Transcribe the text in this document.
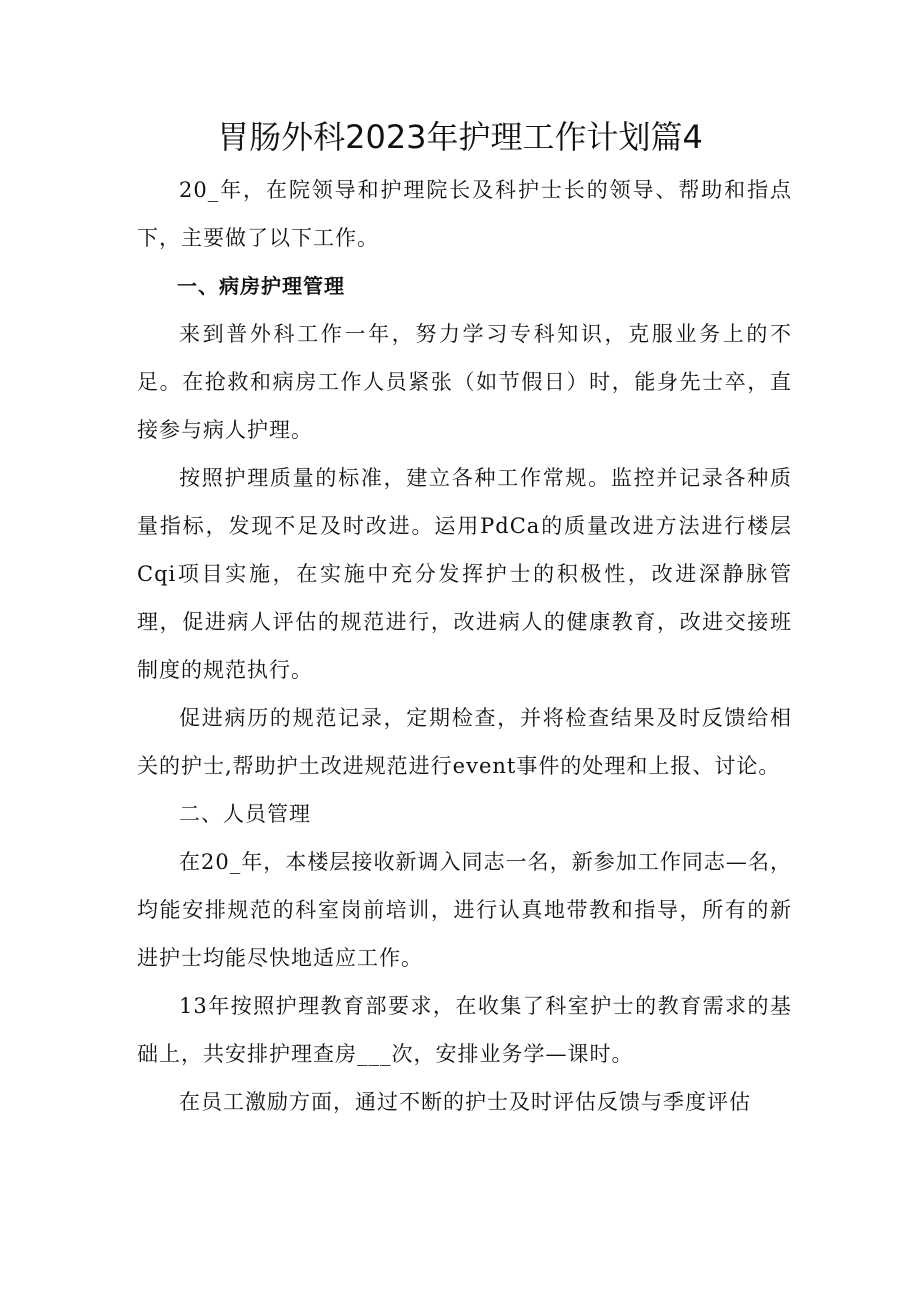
胃肠外科2023年护理工作计划篇4

20_年，在院领导和护理院长及科护士长的领导、帮助和指点下，主要做了以下工作。

一、病房护理管理

来到普外科工作一年，努力学习专科知识，克服业务上的不足。在抢救和病房工作人员紧张（如节假日）时，能身先士卒，直接参与病人护理。

按照护理质量的标准，建立各种工作常规。监控并记录各种质量指标，发现不足及时改进。运用PdCa的质量改进方法进行楼层Cqi项目实施，在实施中充分发挥护士的积极性，改进深静脉管理，促进病人评估的规范进行，改进病人的健康教育，改进交接班制度的规范执行。

促进病历的规范记录，定期检查，并将检查结果及时反馈给相关的护士,帮助护土改进规范进行event事件的处理和上报、讨论。

二、人员管理

在20_年，本楼层接收新调入同志一名，新参加工作同志—名，均能安排规范的科室岗前培训，进行认真地带教和指导，所有的新进护士均能尽快地适应工作。

13年按照护理教育部要求，在收集了科室护士的教育需求的基础上，共安排护理查房___次，安排业务学—课时。

在员工激励方面，通过不断的护士及时评估反馈与季度评估
